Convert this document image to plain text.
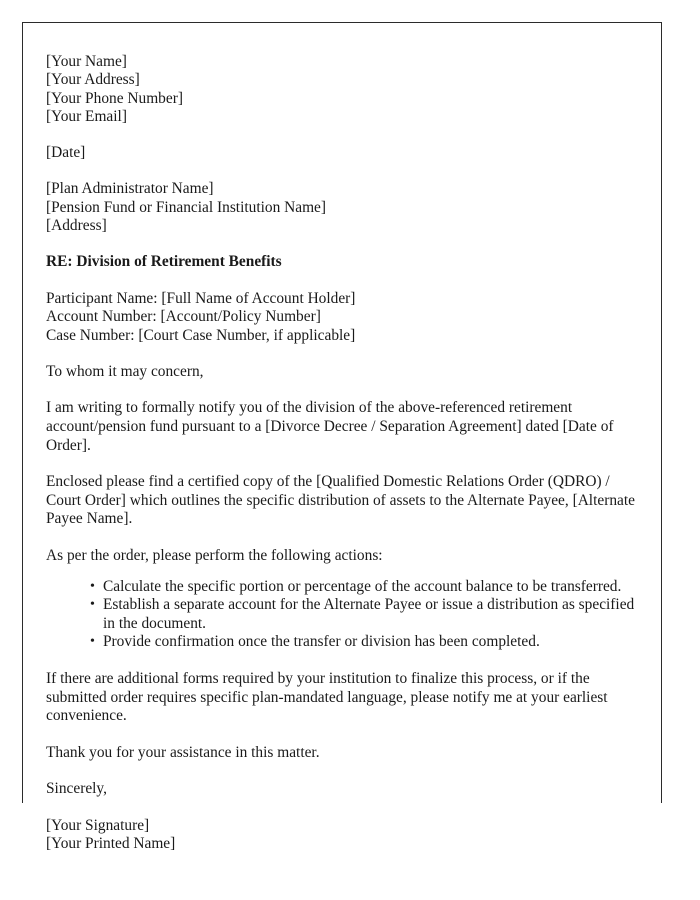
[Your Name]
[Your Address]
[Your Phone Number]
[Your Email]
[Date]
[Plan Administrator Name]
[Pension Fund or Financial Institution Name]
[Address]
RE: Division of Retirement Benefits
Participant Name: [Full Name of Account Holder]
Account Number: [Account/Policy Number]
Case Number: [Court Case Number, if applicable]

To whom it may concern,

I am writing to formally notify you of the division of the above-referenced retirement account/pension fund pursuant to a [Divorce Decree / Separation Agreement] dated [Date of Order].

Enclosed please find a certified copy of the [Qualified Domestic Relations Order (QDRO) / Court Order] which outlines the specific distribution of assets to the Alternate Payee, [Alternate Payee Name].

As per the order, please perform the following actions:

• Calculate the specific portion or percentage of the account balance to be transferred.
• Establish a separate account for the Alternate Payee or issue a distribution as specified in the document.
• Provide confirmation once the transfer or division has been completed.

If there are additional forms required by your institution to finalize this process, or if the submitted order requires specific plan-mandated language, please notify me at your earliest convenience.

Thank you for your assistance in this matter.

Sincerely,

[Your Signature]
[Your Printed Name]
